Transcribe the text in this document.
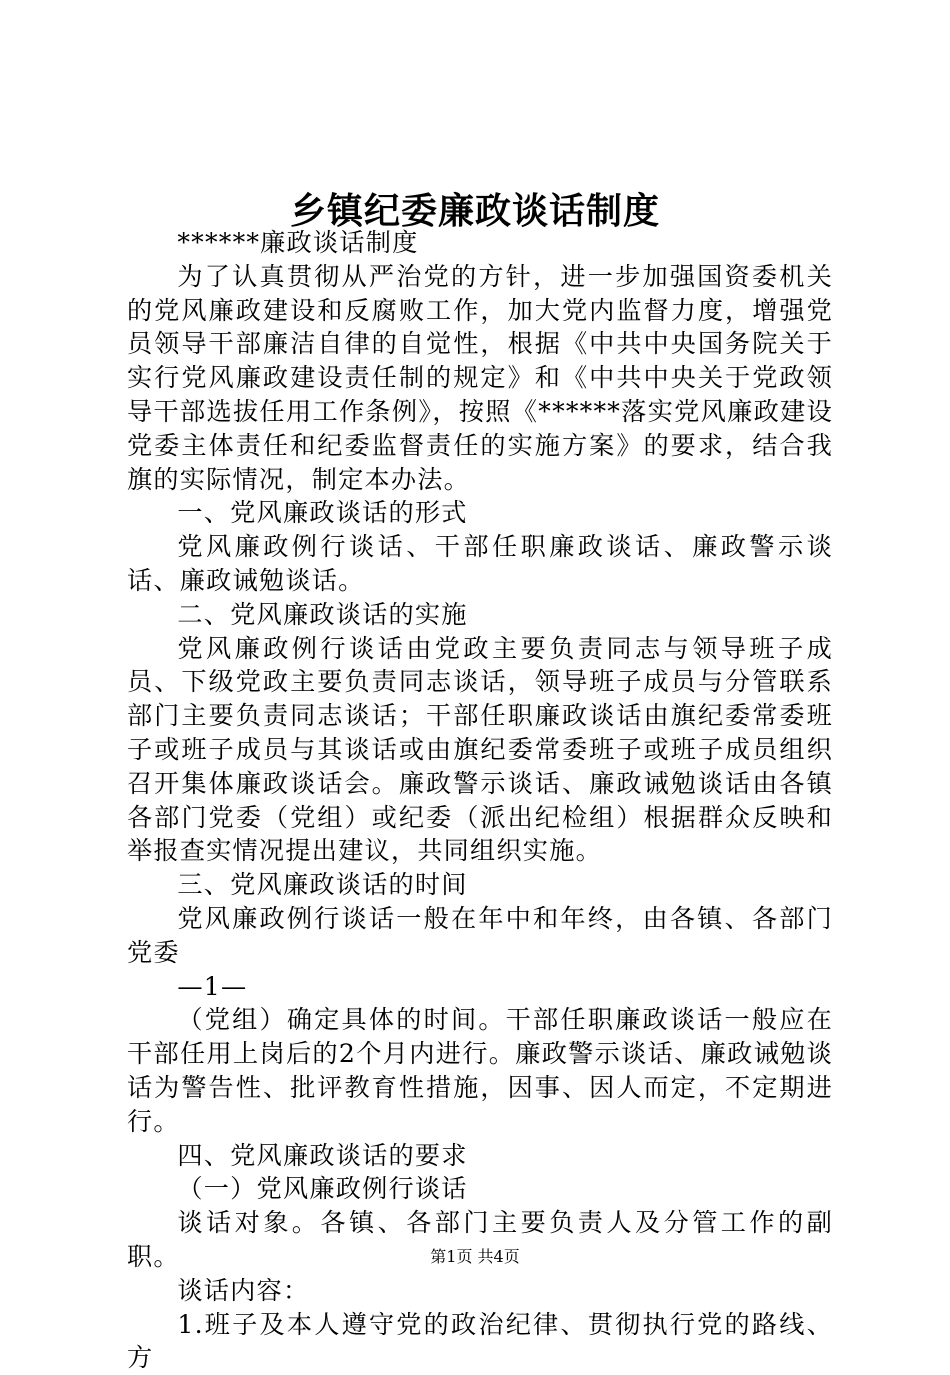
乡镇纪委廉政谈话制度

******廉政谈话制度

为了认真贯彻从严治党的方针，进一步加强国资委机关的党风廉政建设和反腐败工作，加大党内监督力度，增强党员领导干部廉洁自律的自觉性，根据《中共中央国务院关于实行党风廉政建设责任制的规定》和《中共中央关于党政领导干部选拔任用工作条例》，按照《******落实党风廉政建设党委主体责任和纪委监督责任的实施方案》的要求，结合我旗的实际情况，制定本办法。

一、党风廉政谈话的形式

党风廉政例行谈话、干部任职廉政谈话、廉政警示谈话、廉政诫勉谈话。

二、党风廉政谈话的实施

党风廉政例行谈话由党政主要负责同志与领导班子成员、下级党政主要负责同志谈话，领导班子成员与分管联系部门主要负责同志谈话；干部任职廉政谈话由旗纪委常委班子或班子成员与其谈话或由旗纪委常委班子或班子成员组织召开集体廉政谈话会。廉政警示谈话、廉政诫勉谈话由各镇各部门党委（党组）或纪委（派出纪检组）根据群众反映和举报查实情况提出建议，共同组织实施。

三、党风廉政谈话的时间

党风廉政例行谈话一般在年中和年终，由各镇、各部门党委

—1—

（党组）确定具体的时间。干部任职廉政谈话一般应在干部任用上岗后的2个月内进行。廉政警示谈话、廉政诫勉谈话为警告性、批评教育性措施，因事、因人而定，不定期进行。

四、党风廉政谈话的要求

（一）党风廉政例行谈话

谈话对象。各镇、各部门主要负责人及分管工作的副职。

谈话内容：

1.班子及本人遵守党的政治纪律、贯彻执行党的路线、方

第1页 共4页
